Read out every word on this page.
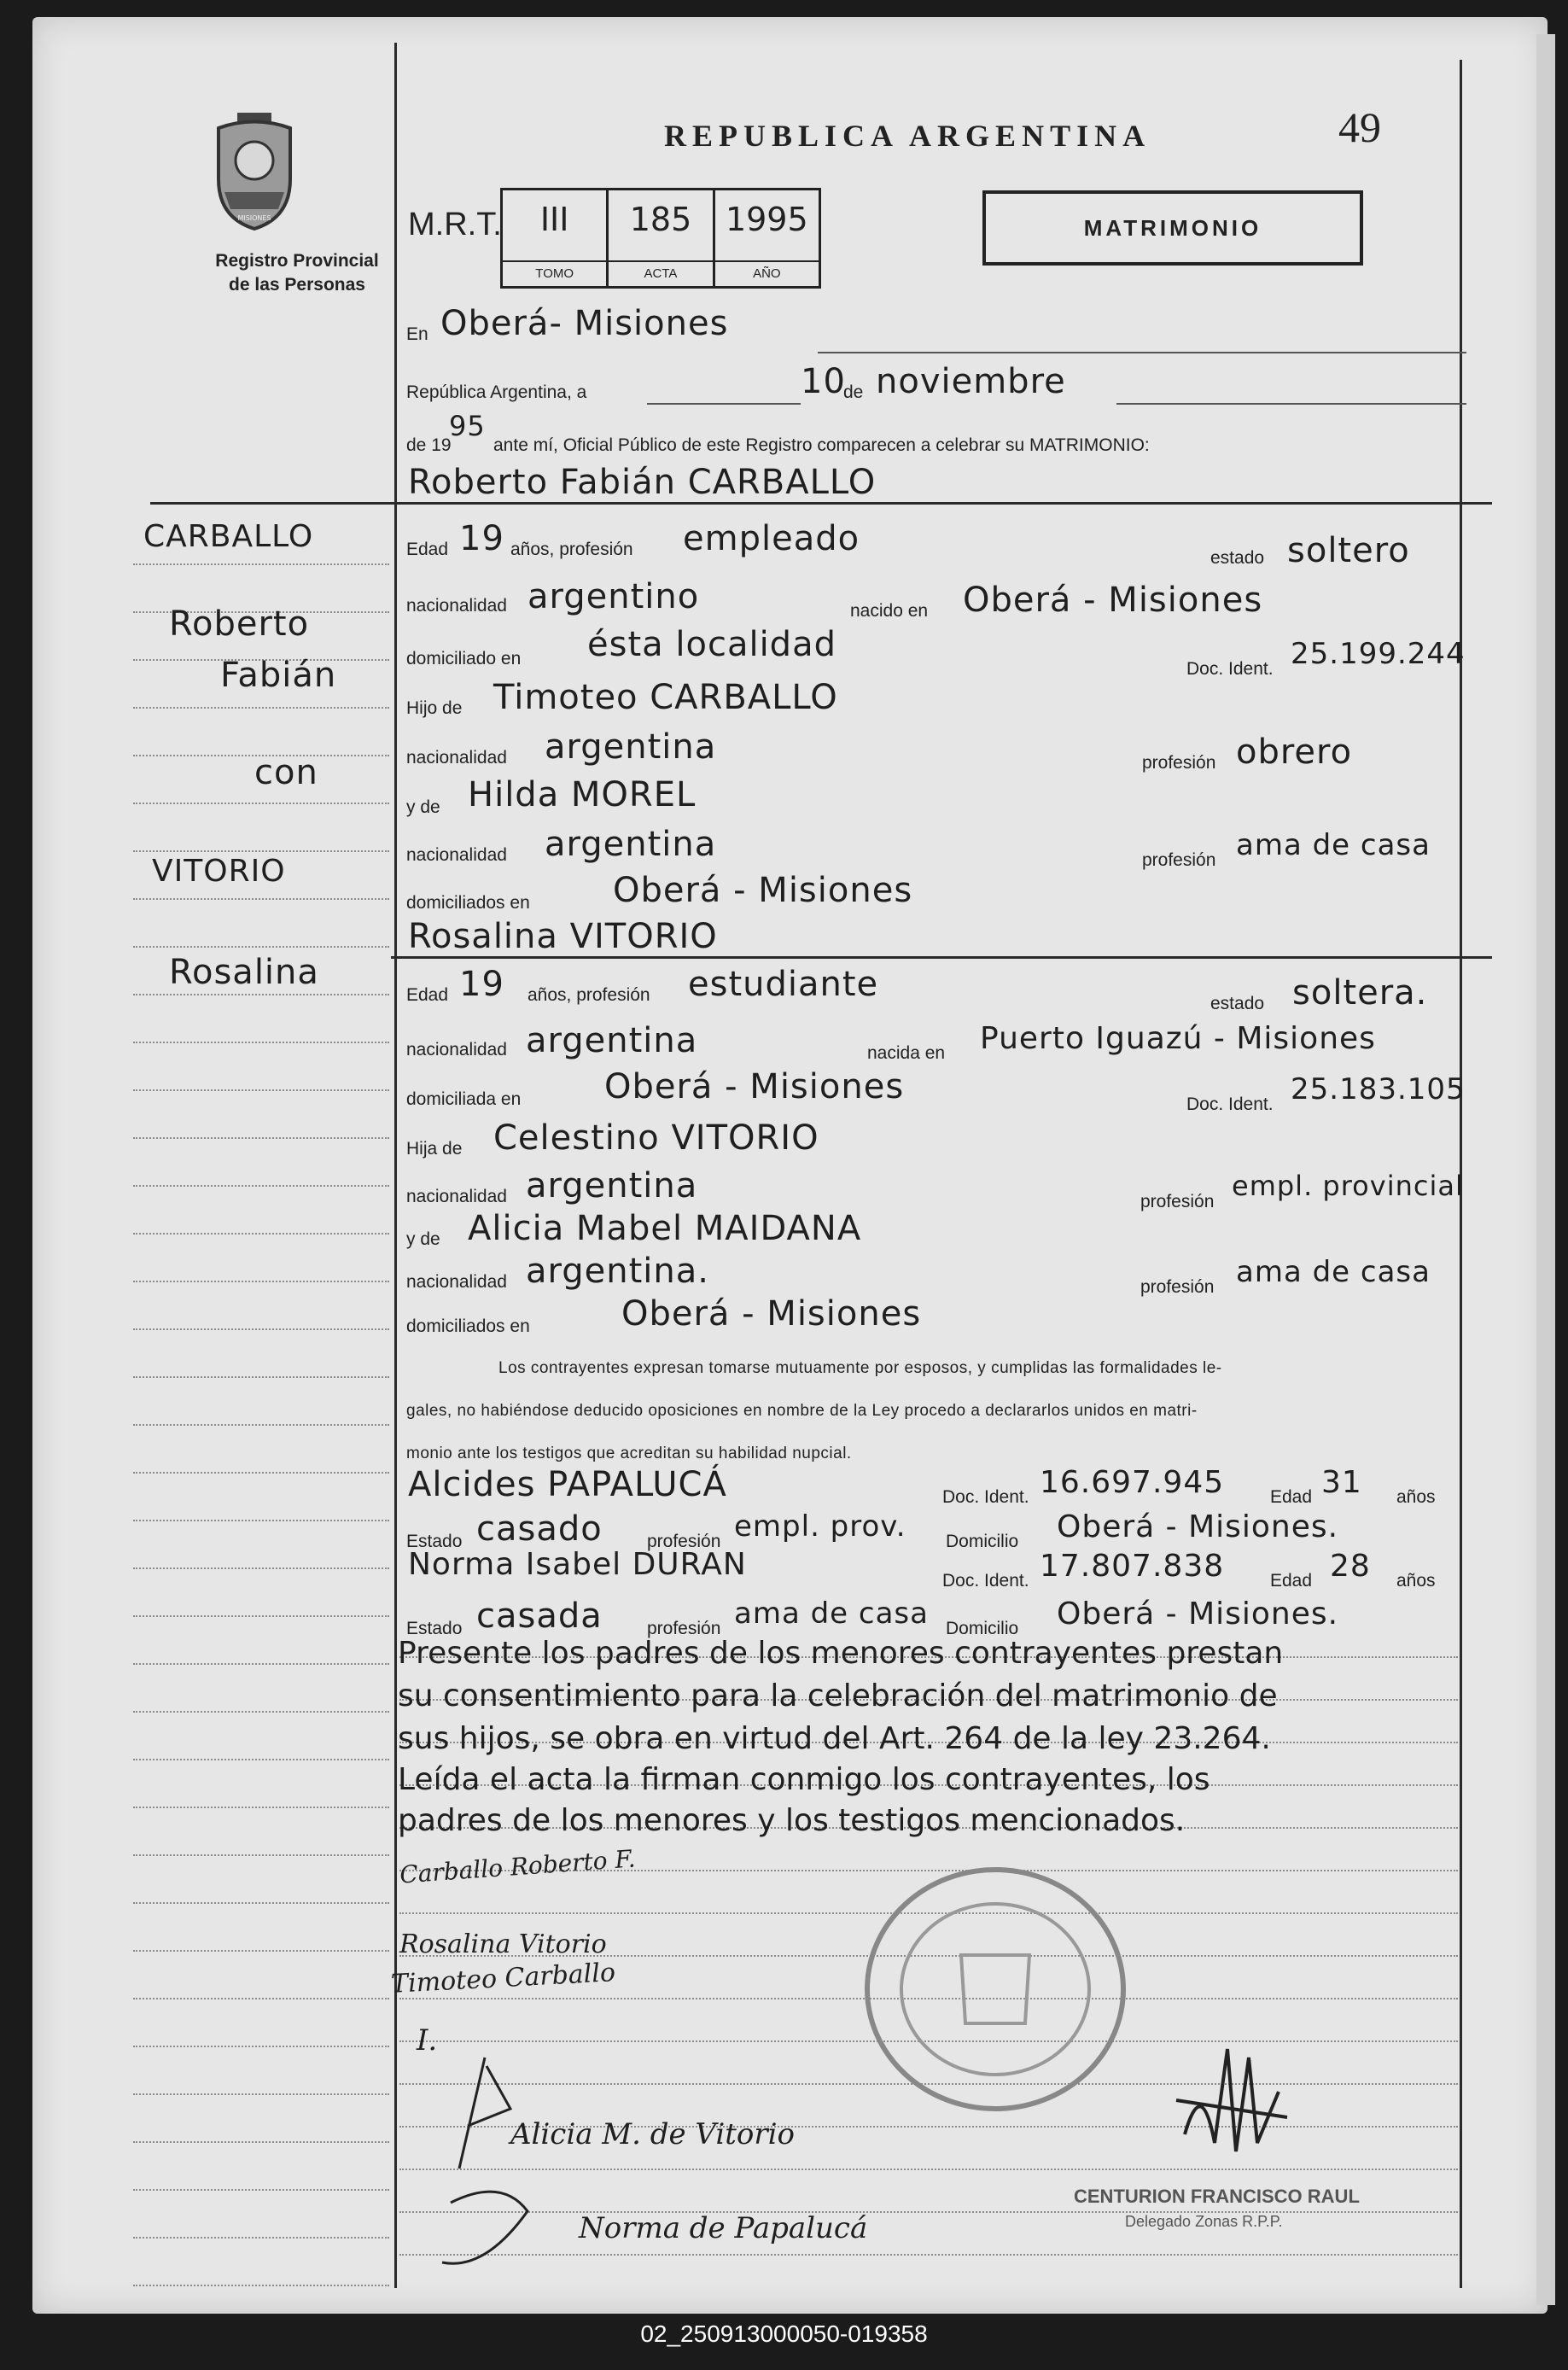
MISIONES
Registro Provincial
de las Personas
REPUBLICA ARGENTINA	49
M.R.T.	III
TOMO
185
ACTA
1995
AÑO
MATRIMONIO
En Oberá- Misiones
República Argentina, a	10
de noviembre
de 19
95
ante mí, Oficial Público de este Registro comparecen a celebrar su MATRIMONIO:
Roberto Fabián CARBALLO
CARBALLO
Roberto
Fabián
con
VITORIO
Rosalina
Edad 19 años, profesión empleado	estado soltero
nacionalidad argentino	nacido en Oberá - Misiones
domiciliado en ésta localidad
Doc. Ident. 25.199.244
Hijo de Timoteo CARBALLO
nacionalidad argentina	profesión obrero
y de Hilda MOREL
nacionalidad argentina	profesión ama de casa
domiciliados en Oberá - Misiones
Rosalina VITORIO
Edad 19 años, profesión estudiante	estado soltera.
nacionalidad argentina	nacida en Puerto Iguazú - Misiones
domiciliada en Oberá - Misiones	Doc. Ident. 25.183.105
Hija de Celestino VITORIO
nacionalidad argentina	profesión empl. provincial
y de Alicia Mabel MAIDANA
nacionalidad argentina.	profesión ama de casa
domiciliados en	Oberá - Misiones
Los contrayentes expresan tomarse mutuamente por esposos, y cumplidas las formalidades le-
gales, no habiéndose deducido oposiciones en nombre de la Ley procedo a declararlos unidos en matri-
monio ante los testigos que acreditan su habilidad nupcial.
Alcides PAPALUCÁ	Doc. Ident. 16.697.945	Edad 31 años
Estado casado profesión empl. prov. Domicilio Oberá - Misiones.
Norma Isabel DURAN	Doc. Ident. 17.807.838	Edad 28 años
Estado casada profesión ama de casa Domicilio Oberá - Misiones.
Presente los padres de los menores contrayentes prestan
su consentimiento para la celebración del matrimonio de
sus hijos, se obra en virtud del Art. 264 de la ley 23.264.
Leída el acta la firman conmigo los contrayentes, los
padres de los menores y los testigos mencionados.
Carballo Roberto F.
Rosalina Vitorio
Timoteo Carballo
I.
Alicia M. de Vitorio
Norma de Papalucá
CENTURION FRANCISCO RAUL
Delegado Zonas R.P.P.
02_250913000050-019358
